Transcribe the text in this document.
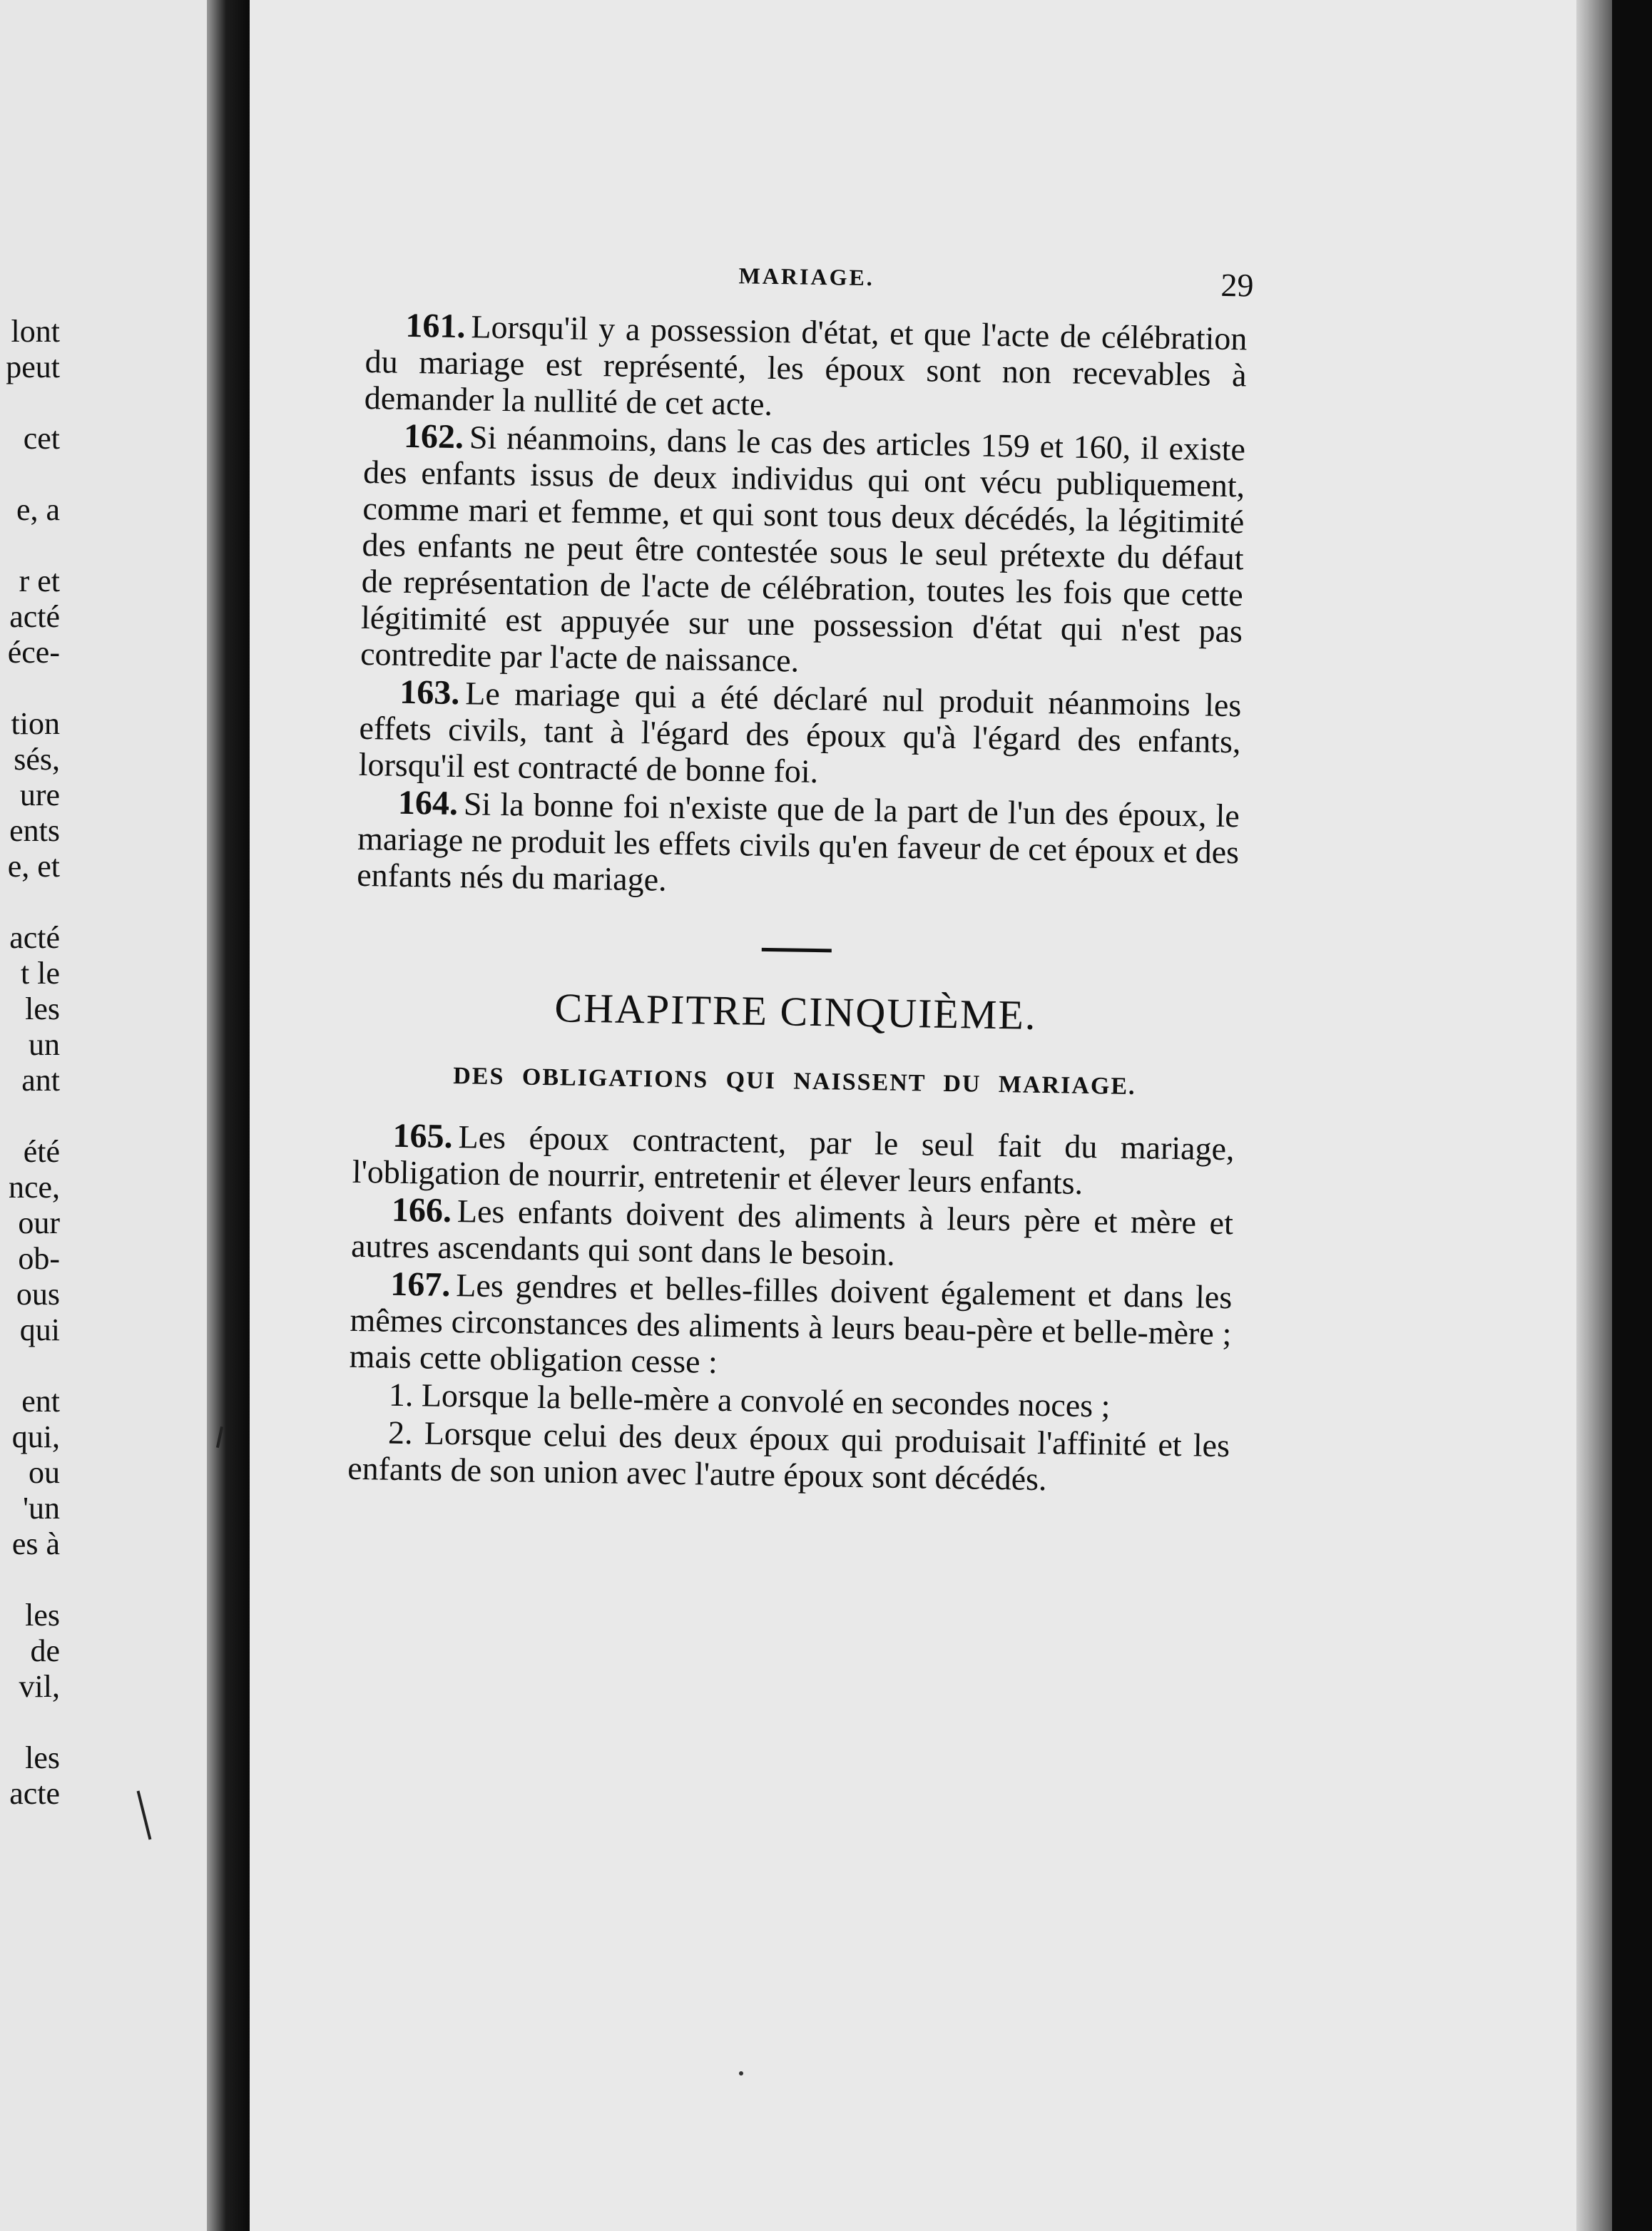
lont
peut
cet
e, a
r et
acté
éce-
tion
sés,
ure
ents
e, et
acté
t le
les
un
ant
été
nce,
our
ob-
ous
qui
ent
qui,
ou
'un
es à
les
de
vil,
les
acte
MARIAGE.	29

161. Lorsqu'il y a possession d'état, et que l'acte de célébration du mariage est représenté, les époux sont non recevables à demander la nullité de cet acte.

162. Si néanmoins, dans le cas des articles 159 et 160, il existe des enfants issus de deux individus qui ont vécu publiquement, comme mari et femme, et qui sont tous deux décédés, la légitimité des enfants ne peut être contestée sous le seul prétexte du défaut de représentation de l'acte de célébration, toutes les fois que cette légitimité est appuyée sur une possession d'état qui n'est pas contredite par l'acte de naissance.

163. Le mariage qui a été déclaré nul produit néanmoins les effets civils, tant à l'égard des époux qu'à l'égard des enfants, lorsqu'il est contracté de bonne foi.

164. Si la bonne foi n'existe que de la part de l'un des époux, le mariage ne produit les effets civils qu'en faveur de cet époux et des enfants nés du mariage.

CHAPITRE CINQUIÈME.
DES OBLIGATIONS QUI NAISSENT DU MARIAGE.

165. Les époux contractent, par le seul fait du mariage, l'obligation de nourrir, entretenir et élever leurs enfants.

166. Les enfants doivent des aliments à leurs père et mère et autres ascendants qui sont dans le besoin.

167. Les gendres et belles-filles doivent également et dans les mêmes circonstances des aliments à leurs beau-père et belle-mère ; mais cette obligation cesse :

1. Lorsque la belle-mère a convolé en secondes noces ;

2. Lorsque celui des deux époux qui produisait l'affinité et les enfants de son union avec l'autre époux sont décédés.
